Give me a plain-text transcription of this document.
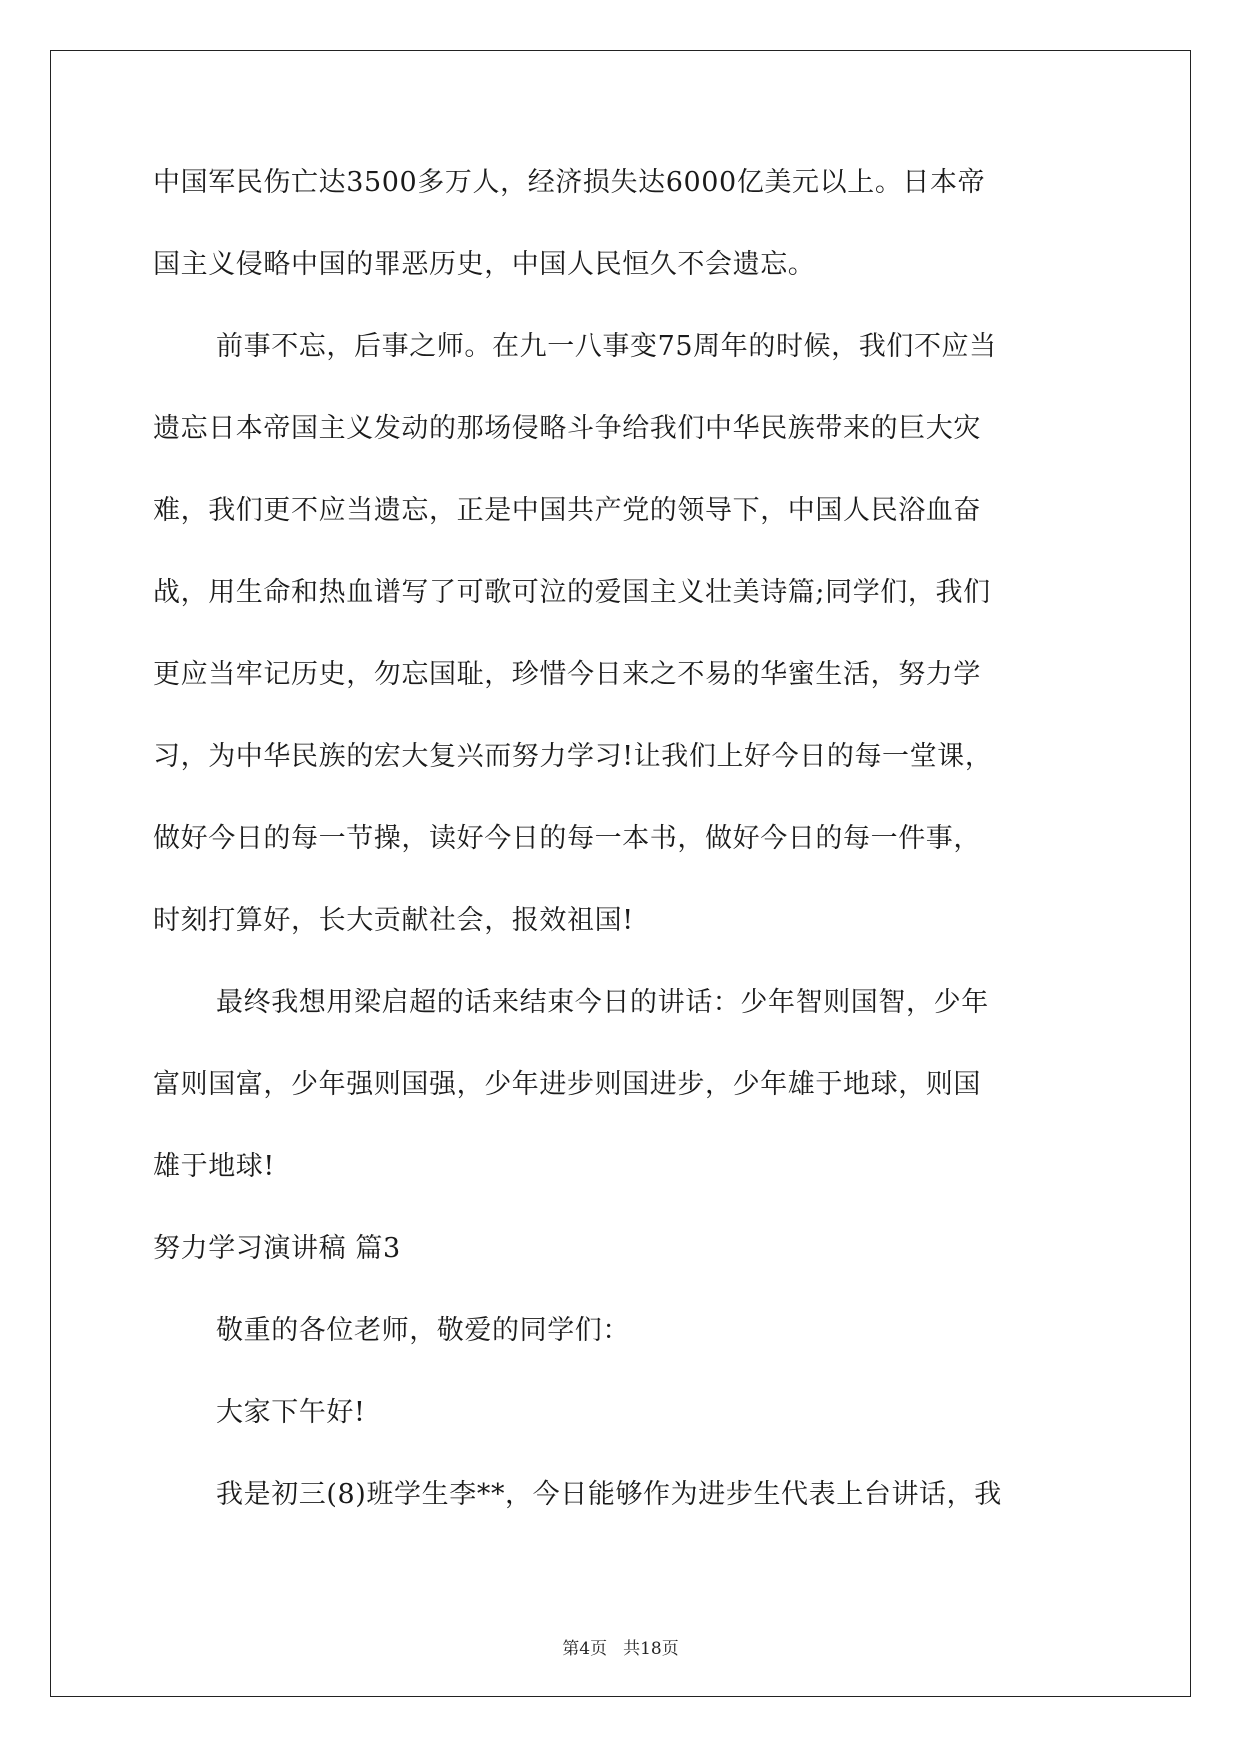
中国军民伤亡达3500多万人，经济损失达6000亿美元以上。日本帝
国主义侵略中国的罪恶历史，中国人民恒久不会遗忘。
前事不忘，后事之师。在九一八事变75周年的时候，我们不应当
遗忘日本帝国主义发动的那场侵略斗争给我们中华民族带来的巨大灾
难，我们更不应当遗忘，正是中国共产党的领导下，中国人民浴血奋
战，用生命和热血谱写了可歌可泣的爱国主义壮美诗篇;同学们，我们
更应当牢记历史，勿忘国耻，珍惜今日来之不易的华蜜生活，努力学
习，为中华民族的宏大复兴而努力学习!让我们上好今日的每一堂课，
做好今日的每一节操，读好今日的每一本书，做好今日的每一件事，
时刻打算好，长大贡献社会，报效祖国!
最终我想用梁启超的话来结束今日的讲话：少年智则国智，少年
富则国富，少年强则国强，少年进步则国进步，少年雄于地球，则国
雄于地球!
努力学习演讲稿 篇3
敬重的各位老师，敬爱的同学们：
大家下午好!
我是初三(8)班学生李**，今日能够作为进步生代表上台讲话，我
第4页 共18页
